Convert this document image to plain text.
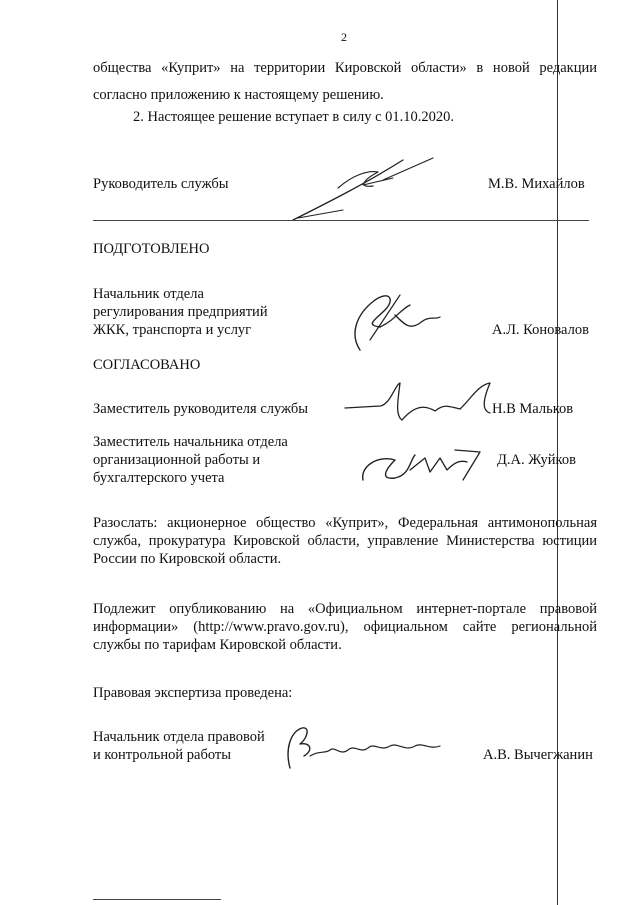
2
общества «Куприт» на территории Кировской области» в новой редакции
согласно приложению к настоящему решению.
2. Настоящее решение вступает в силу с 01.10.2020.
Руководитель службы	М.В. Михайлов
ПОДГОТОВЛЕНО
Начальник отдела
регулирования предприятий
ЖКК, транспорта и услуг	А.Л. Коновалов
СОГЛАСОВАНО
Заместитель руководителя службы	Н.В Мальков
Заместитель начальника отдела
организационной работы и
бухгалтерского учета
Д.А. Жуйков
Разослать: акционерное общество «Куприт», Федеральная антимонопольная
служба, прокуратура Кировской области, управление Министерства юстиции
России по Кировской области.
Подлежит опубликованию на «Официальном интернет-портале правовой
информации» (http://www.pravo.gov.ru), официальном сайте региональной
службы по тарифам Кировской области.
Правовая экспертиза проведена:
Начальник отдела правовой
и контрольной работы	А.В. Вычегжанин
